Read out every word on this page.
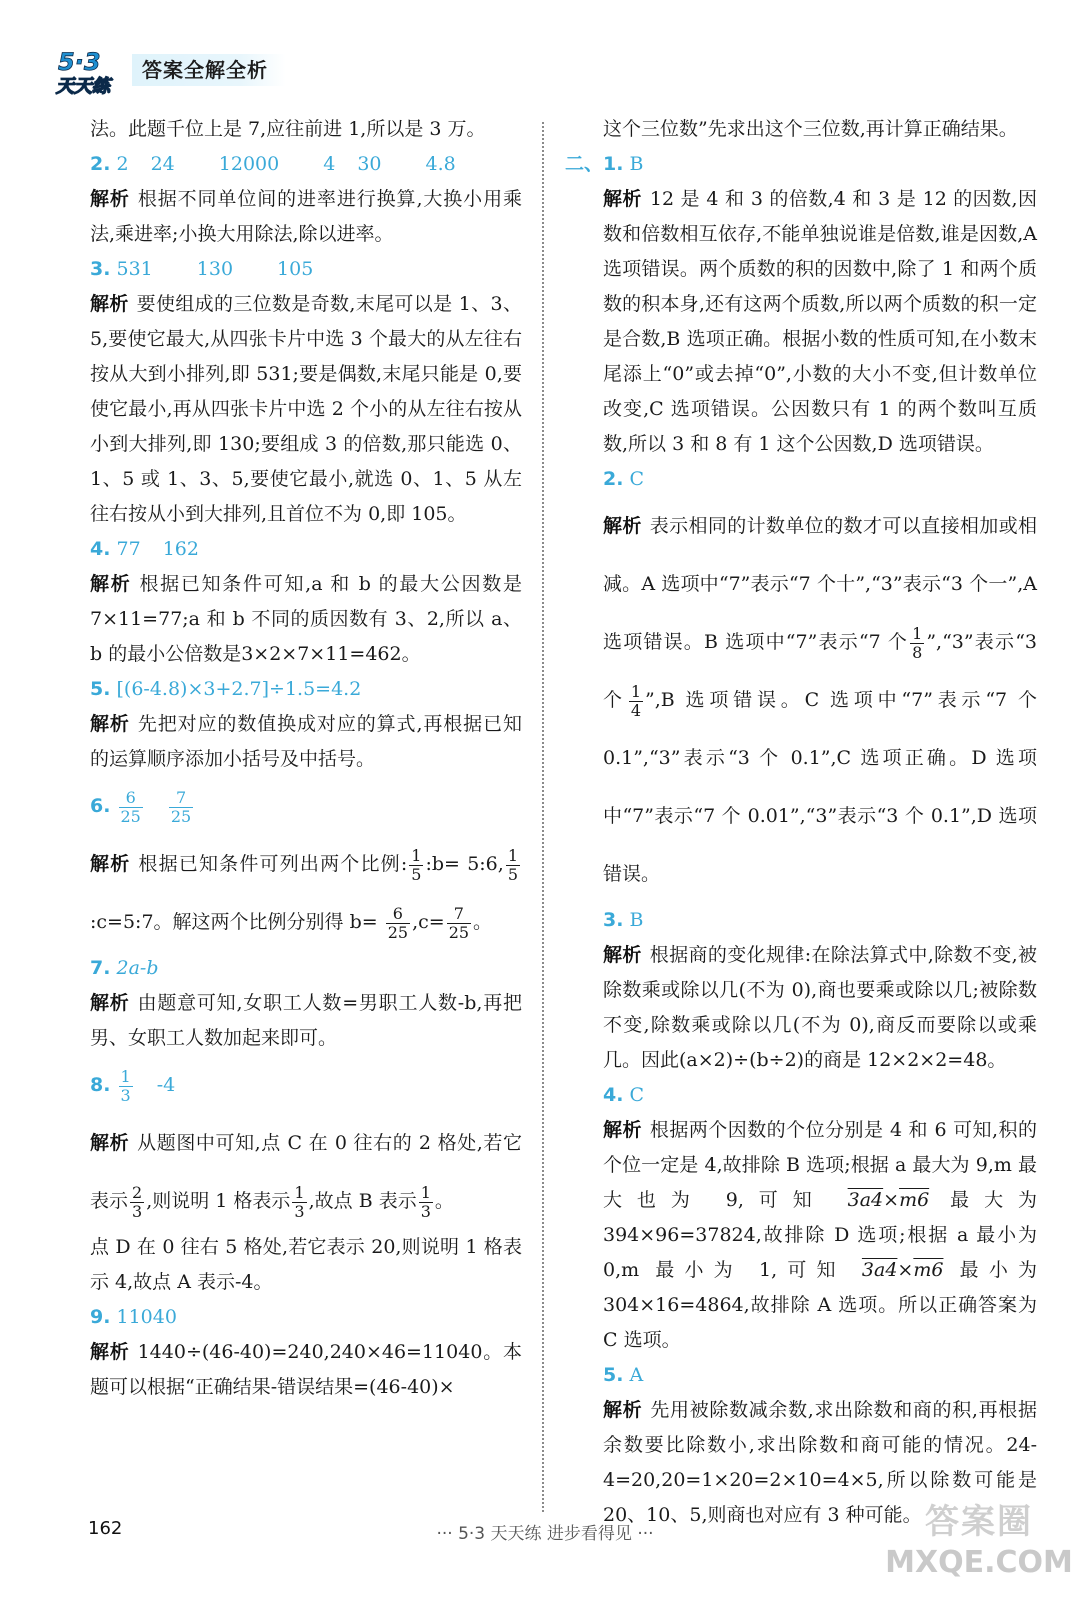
5·3
天天练
答案全解全析

法。此题千位上是 7,应往前进 1,所以是 3 万。

2. 2 24 12000 4 30 4.8

解析 根据不同单位间的进率进行换算,大换小用乘法,乘进率;小换大用除法,除以进率。

3. 531 130 105

解析 要使组成的三位数是奇数,末尾可以是 1、3、5,要使它最大,从四张卡片中选 3 个最大的从左往右按从大到小排列,即 531;要是偶数,末尾只能是 0,要使它最小,再从四张卡片中选 2 个小的从左往右按从小到大排列,即 130;要组成 3 的倍数,那只能选 0、1、5 或 1、3、5,要使它最小,就选 0、1、5 从左往右按从小到大排列,且首位不为 0,即 105。

4. 77 162

解析 根据已知条件可知,a 和 b 的最大公因数是 7×11=77;a 和 b 不同的质因数有 3、2,所以 a、b 的最小公倍数是3×2×7×11=462。

5. [(6-4.8)×3+2.7]÷1.5=4.2

解析 先把对应的数值换成对应的算式,再根据已知的运算顺序添加小括号及中括号。

6. $\frac{6}{25} \frac{7}{25}$

解析 根据已知条件可列出两个比例: $\frac{1}{5}$ :b= 5:6, $\frac{1}{5}$
:c=5:7。解这两个比例分别得 $b= \frac{6}{25} ,c= \frac{7}{25}$ 。

7. 2a-b

解析 由题意可知,女职工人数=男职工人数-b,再把男、女职工人数加起来即可。

8. $\frac{1}{3} -4$

解析 从题图中可知,点 C 在 0 往右的 2 格处,若它表示 $\frac{2}{3}$ ,则说明 1 格表示 $\frac{1}{3}$ ,故点 B 表示 $\frac{1}{3}$ 。

点 D 在 0 往右 5 格处,若它表示 20,则说明 1 格表示 4,故点 A 表示-4。

9. 11040

解析 1440÷(46-40)=240,240×46=11040。本题可以根据“正确结果-错误结果=(46-40)×

这个三位数”先求出这个三位数,再计算正确结果。

二、1. B

解析 12 是 4 和 3 的倍数,4 和 3 是 12 的因数,因数和倍数相互依存,不能单独说谁是倍数,谁是因数,A 选项错误。两个质数的积的因数中,除了 1 和两个质数的积本身,还有这两个质数,所以两个质数的积一定是合数,B 选项正确。根据小数的性质可知,在小数末尾添上“0”或去掉“0”,小数的大小不变,但计数单位改变,C 选项错误。公因数只有 1 的两个数叫互质数,所以 3 和 8 有 1 这个公因数,D 选项错误。

2. C

解析 表示相同的计数单位的数才可以直接相加或相减。A 选项中“7”表示“7 个十”,“3”表示“3 个一”,A 选项错误。B 选项中“7”表示“7 个 $\frac{1}{8}$ ”,“3”表示“3 个 $\frac{1}{4}$ ”,B 选项错误。C 选项中“7”表示“7 个 0.1”,“3”表示“3 个 0.1”,C 选项正确。D 选项中“7”表示“7 个 0.01”,“3”表示“3 个 0.1”,D 选项错误。

3. B

解析 根据商的变化规律:在除法算式中,除数不变,被除数乘或除以几(不为 0),商也要乘或除以几;被除数不变,除数乘或除以几(不为 0),商反而要除以或乘几。因此(a×2)÷(b÷2)的商是 12×2×2=48。

4. C

解析 根据两个因数的个位分别是 4 和 6 可知,积的个位一定是 4,故排除 B 选项;根据 a 最大为 9,m 最大也为 9,可知 3a4×m6 最大为 394×96=37824,故排除 D 选项;根据 a 最小为 0,m 最小为 1,可知 3a4×m6 最小为304×16=4864,故排除 A 选项。所以正确答案为 C 选项。

5. A

解析 先用被除数减余数,求出除数和商的积,再根据余数要比除数小,求出除数和商可能的情况。24-4=20,20=1×20=2×10=4×5,所以除数可能是 20、10、5,则商也对应有 3 种可能。

162	··· 5·3 天天练 进步看得见 ···	答案圈
MXQE.COM
